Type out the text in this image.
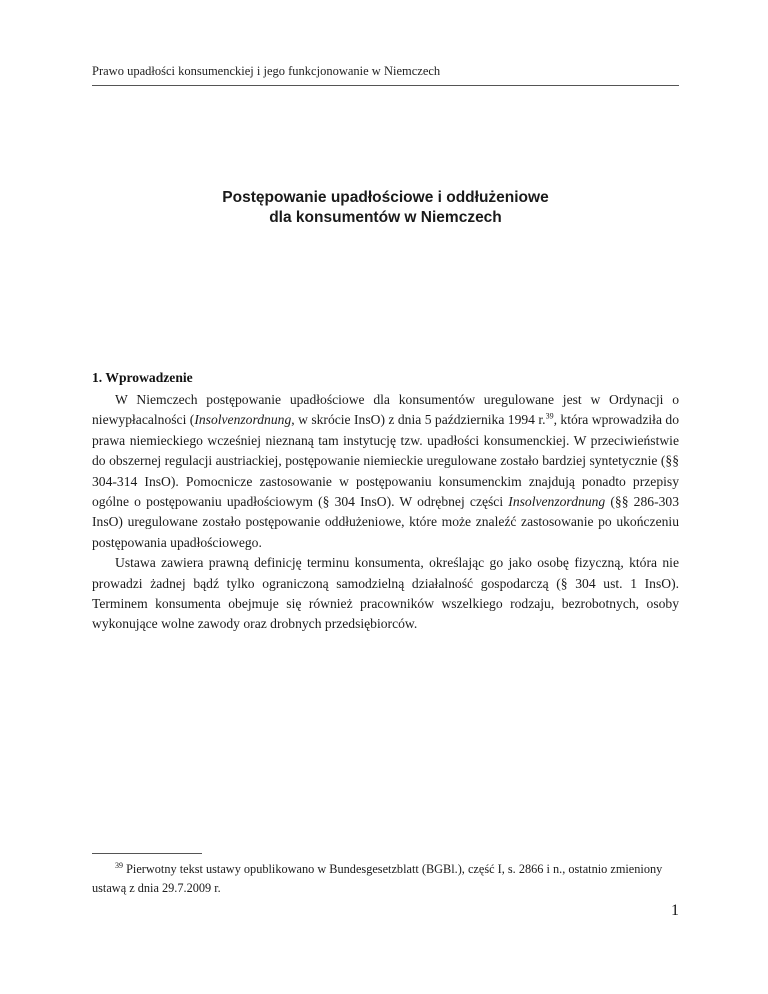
Prawo upadłości konsumenckiej i jego funkcjonowanie w Niemczech
Postępowanie upadłościowe i oddłużeniowe
dla konsumentów w Niemczech
1. Wprowadzenie

W Niemczech postępowanie upadłościowe dla konsumentów uregulowane jest w Ordynacji o niewypłacalności (Insolvenzordnung, w skrócie InsO) z dnia 5 października 1994 r.$^{39}$, która wprowadziła do prawa niemieckiego wcześniej nieznaną tam instytucję tzw. upadłości konsumenckiej. W przeciwieństwie do obszernej regulacji austriackiej, postępowanie niemieckie uregulowane zostało bardziej syntetycznie (§§ 304-314 InsO). Pomocnicze zastosowanie w postępowaniu konsumenckim znajdują ponadto przepisy ogólne o postępowaniu upadłościowym (§ 304 InsO). W odrębnej części Insolvenzordnung (§§ 286-303 InsO) uregulowane zostało postępowanie oddłużeniowe, które może znaleźć zastosowanie po ukończeniu postępowania upadłościowego.

Ustawa zawiera prawną definicję terminu konsumenta, określając go jako osobę fizyczną, która nie prowadzi żadnej bądź tylko ograniczoną samodzielną działalność gospodarczą (§ 304 ust. 1 InsO). Terminem konsumenta obejmuje się również pracowników wszelkiego rodzaju, bezrobotnych, osoby wykonujące wolne zawody oraz drobnych przedsiębiorców.

$^{39}$ Pierwotny tekst ustawy opublikowano w Bundesgesetzblatt (BGBl.), część I, s. 2866 i n., ostatnio zmieniony ustawą z dnia 29.7.2009 r.
1
